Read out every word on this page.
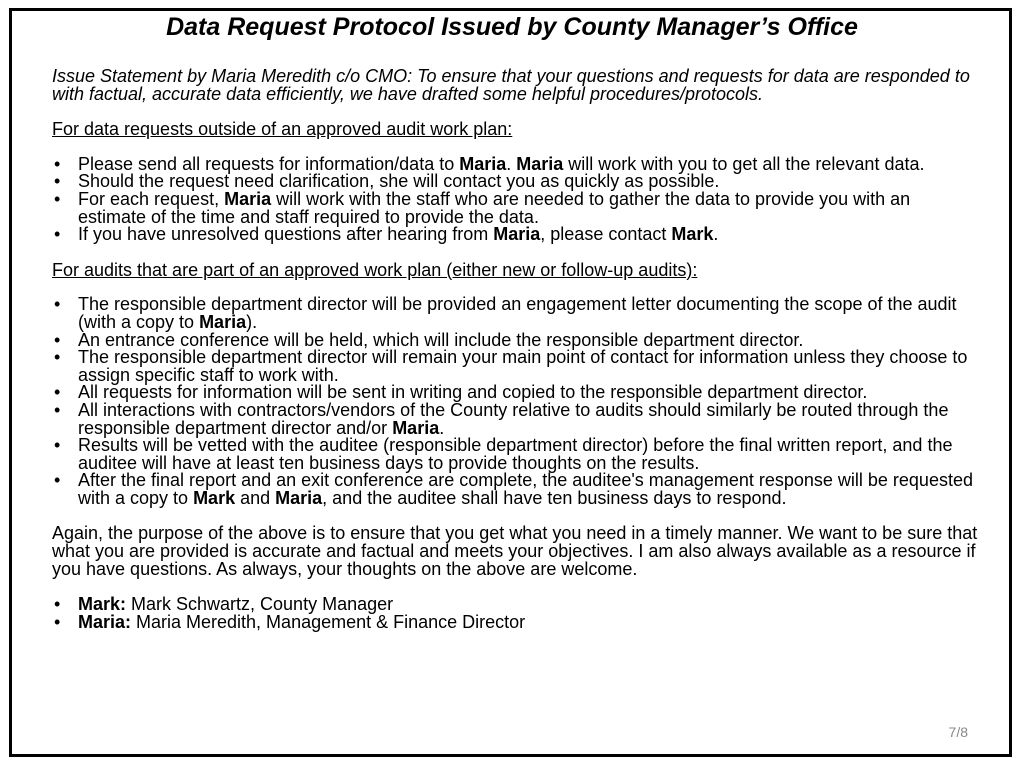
Data Request Protocol Issued by County Manager’s Office

Issue Statement by Maria Meredith c/o CMO: To ensure that your questions and requests for data are responded to with factual, accurate data efficiently, we have drafted some helpful procedures/protocols.

For data requests outside of an approved audit work plan:

• Please send all requests for information/data to Maria. Maria will work with you to get all the relevant data.
• Should the request need clarification, she will contact you as quickly as possible.
• For each request, Maria will work with the staff who are needed to gather the data to provide you with an estimate of the time and staff required to provide the data.
• If you have unresolved questions after hearing from Maria, please contact Mark.

For audits that are part of an approved work plan (either new or follow-up audits):

• The responsible department director will be provided an engagement letter documenting the scope of the audit (with a copy to Maria).
• An entrance conference will be held, which will include the responsible department director.
• The responsible department director will remain your main point of contact for information unless they choose to assign specific staff to work with.
• All requests for information will be sent in writing and copied to the responsible department director.
• All interactions with contractors/vendors of the County relative to audits should similarly be routed through the responsible department director and/or Maria.
• Results will be vetted with the auditee (responsible department director) before the final written report, and the auditee will have at least ten business days to provide thoughts on the results.
• After the final report and an exit conference are complete, the auditee's management response will be requested with a copy to Mark and Maria, and the auditee shall have ten business days to respond.

Again, the purpose of the above is to ensure that you get what you need in a timely manner. We want to be sure that what you are provided is accurate and factual and meets your objectives. I am also always available as a resource if you have questions. As always, your thoughts on the above are welcome.

• Mark: Mark Schwartz, County Manager
• Maria: Maria Meredith, Management & Finance Director
7/8
